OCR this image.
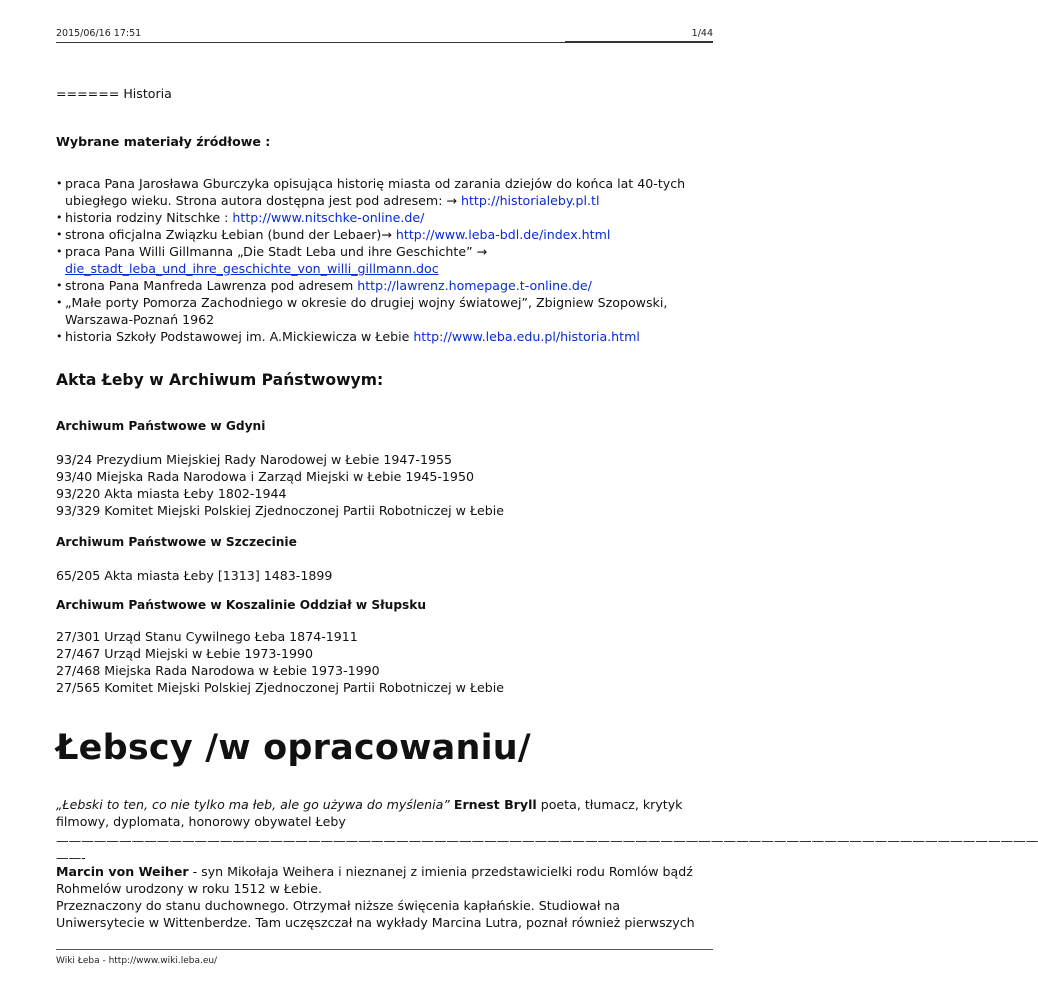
2015/06/16 17:51	1/44
====== Historia
Wybrane materiały źródłowe :
• praca Pana Jarosława Gburczyka opisująca historię miasta od zarania dziejów do końca lat 40-tych ubiegłego wieku. Strona autora dostępna jest pod adresem: → http://historialeby.pl.tl
• historia rodziny Nitschke : http://www.nitschke-online.de/
• strona oficjalna Związku Łebian (bund der Lebaer)→ http://www.leba-bdl.de/index.html
• praca Pana Willi Gillmanna „Die Stadt Leba und ihre Geschichte” →
die_stadt_leba_und_ihre_geschichte_von_willi_gillmann.doc
• strona Pana Manfreda Lawrenza pod adresem http://lawrenz.homepage.t-online.de/
• „Małe porty Pomorza Zachodniego w okresie do drugiej wojny światowej”, Zbigniew Szopowski, Warszawa-Poznań 1962
• historia Szkoły Podstawowej im. A.Mickiewicza w Łebie http://www.leba.edu.pl/historia.html
Akta Łeby w Archiwum Państwowym:
Archiwum Państwowe w Gdyni
93/24 Prezydium Miejskiej Rady Narodowej w Łebie 1947-1955
93/40 Miejska Rada Narodowa i Zarząd Miejski w Łebie 1945-1950
93/220 Akta miasta Łeby 1802-1944
93/329 Komitet Miejski Polskiej Zjednoczonej Partii Robotniczej w Łebie
Archiwum Państwowe w Szczecinie
65/205 Akta miasta Łeby [1313] 1483-1899
Archiwum Państwowe w Koszalinie Oddział w Słupsku
27/301 Urząd Stanu Cywilnego Łeba 1874-1911
27/467 Urząd Miejski w Łebie 1973-1990
27/468 Miejska Rada Narodowa w Łebie 1973-1990
27/565 Komitet Miejski Polskiej Zjednoczonej Partii Robotniczej w Łebie
Łebscy /w opracowaniu/
„Łebski to ten, co nie tylko ma łeb, ale go używa do myślenia” Ernest Bryll poeta, tłumacz, krytyk filmowy, dyplomata, honorowy obywatel Łeby
——————————————————————————————————————————————————————————————————————————————
——-
Marcin von Weiher - syn Mikołaja Weihera i nieznanej z imienia przedstawicielki rodu Romlów bądź Rohmelów urodzony w roku 1512 w Łebie.
Przeznaczony do stanu duchownego. Otrzymał niższe święcenia kapłańskie. Studiował na Uniwersytecie w Wittenberdze. Tam uczęszczał na wykłady Marcina Lutra, poznał również pierwszych
Wiki Łeba - http://www.wiki.leba.eu/
